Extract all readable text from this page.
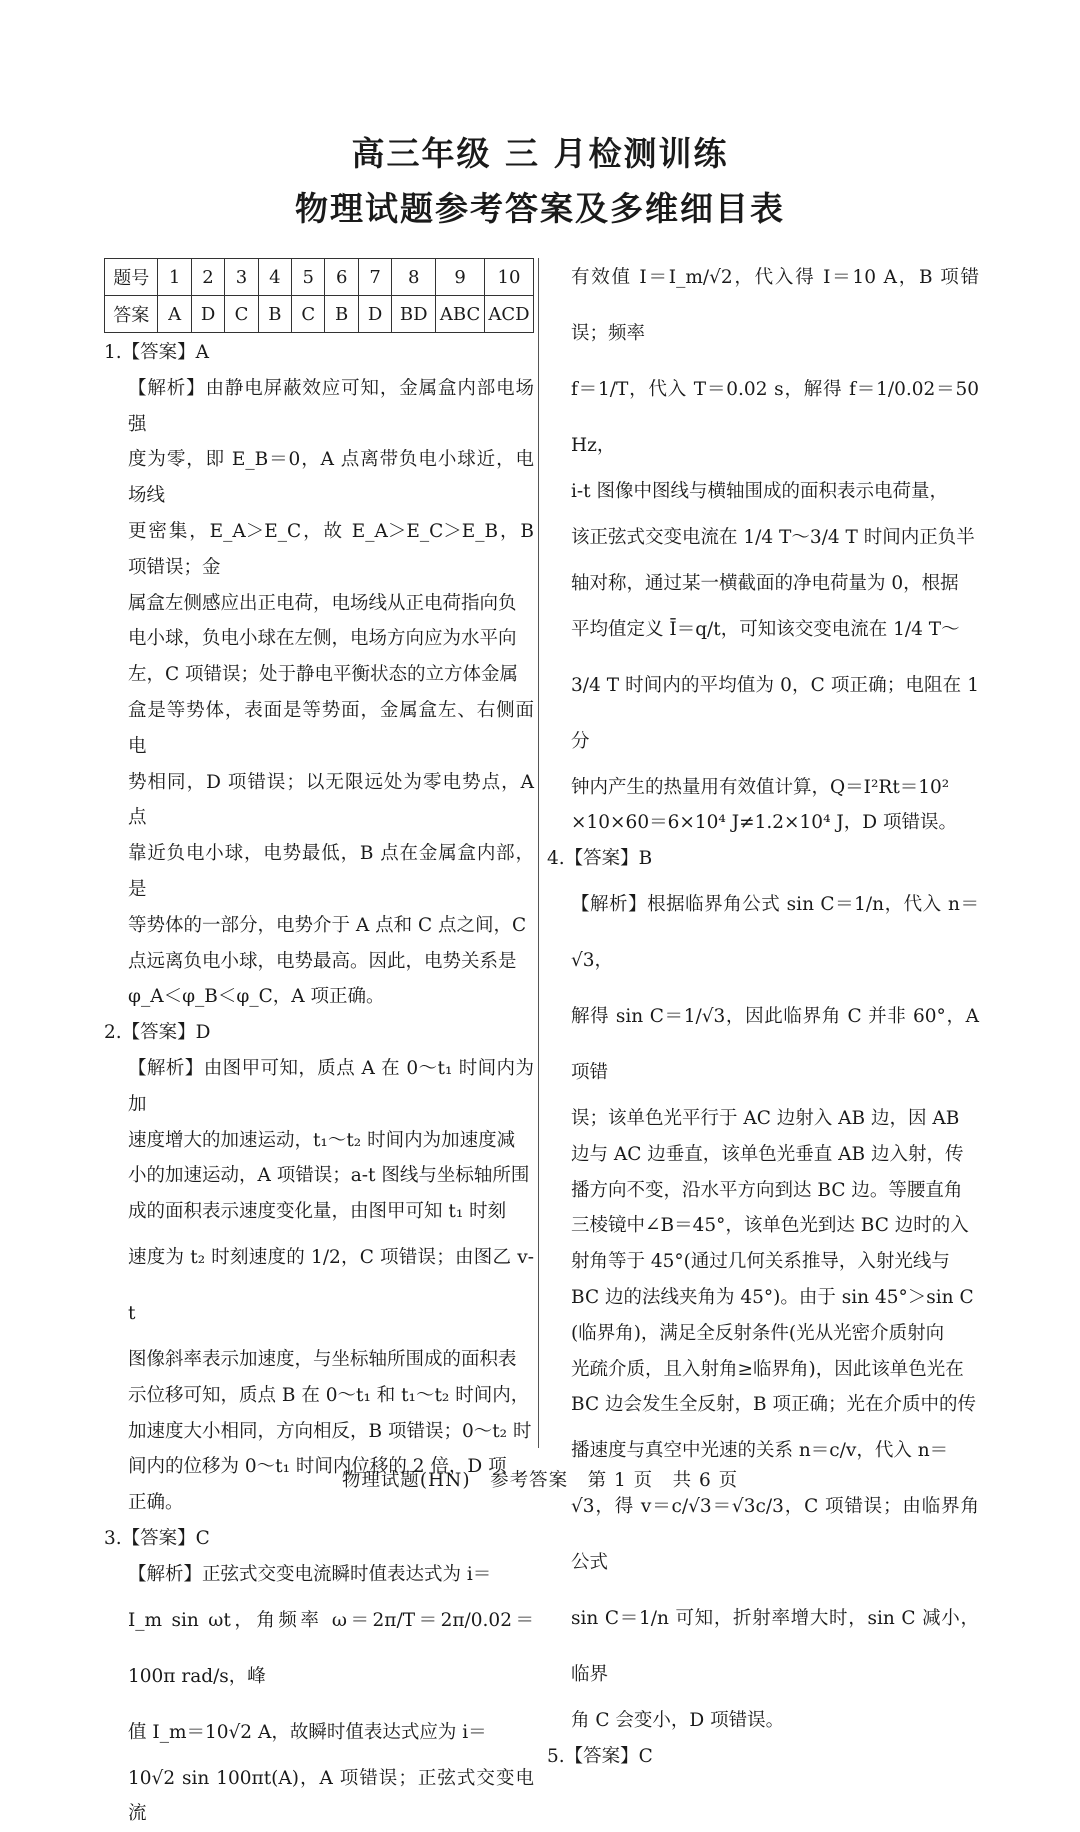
高三年级 三 月检测训练
物理试题参考答案及多维细目表
题号	1	2	3	4	5	6	7	8	9	10
答案	A	D	C	B	C	B	D	BD	ABC	ACD
1.【答案】A

【解析】由静电屏蔽效应可知，金属盒内部电场强

度为零，即 E_B＝0，A 点离带负电小球近，电场线

更密集，E_A＞E_C，故 E_A＞E_C＞E_B，B 项错误；金

属盒左侧感应出正电荷，电场线从正电荷指向负

电小球，负电小球在左侧，电场方向应为水平向

左，C 项错误；处于静电平衡状态的立方体金属

盒是等势体，表面是等势面，金属盒左、右侧面电

势相同，D 项错误；以无限远处为零电势点，A 点

靠近负电小球，电势最低，B 点在金属盒内部，是

等势体的一部分，电势介于 A 点和 C 点之间，C

点远离负电小球，电势最高。因此，电势关系是

φ_A＜φ_B＜φ_C，A 项正确。

2.【答案】D

【解析】由图甲可知，质点 A 在 0～t₁ 时间内为加

速度增大的加速运动，t₁～t₂ 时间内为加速度减

小的加速运动，A 项错误；a-t 图线与坐标轴所围

成的面积表示速度变化量，由图甲可知 t₁ 时刻

速度为 t₂ 时刻速度的 1/2，C 项错误；由图乙 v-t

图像斜率表示加速度，与坐标轴所围成的面积表

示位移可知，质点 B 在 0～t₁ 和 t₁～t₂ 时间内，

加速度大小相同，方向相反，B 项错误；0～t₂ 时

间内的位移为 0～t₁ 时间内位移的 2 倍，D 项

正确。

3.【答案】C

【解析】正弦式交变电流瞬时值表达式为 i＝

I_m sin ωt，角频率 ω＝2π/T＝2π/0.02＝100π rad/s，峰

值 I_m＝10√2 A，故瞬时值表达式应为 i＝

10√2 sin 100πt(A)，A 项错误；正弦式交变电流

有效值 I＝I_m/√2，代入得 I＝10 A，B 项错误；频率

f＝1/T，代入 T＝0.02 s，解得 f＝1/0.02＝50 Hz，

i-t 图像中图线与横轴围成的面积表示电荷量，

该正弦式交变电流在 1/4 T～3/4 T 时间内正负半

轴对称，通过某一横截面的净电荷量为 0，根据

平均值定义 Ī＝q/t，可知该交变电流在 1/4 T～

3/4 T 时间内的平均值为 0，C 项正确；电阻在 1 分

钟内产生的热量用有效值计算，Q＝I²Rt＝10²

×10×60＝6×10⁴ J≠1.2×10⁴ J，D 项错误。

4.【答案】B

【解析】根据临界角公式 sin C＝1/n，代入 n＝√3，

解得 sin C＝1/√3，因此临界角 C 并非 60°，A 项错

误；该单色光平行于 AC 边射入 AB 边，因 AB

边与 AC 边垂直，该单色光垂直 AB 边入射，传

播方向不变，沿水平方向到达 BC 边。等腰直角

三棱镜中∠B＝45°，该单色光到达 BC 边时的入

射角等于 45°(通过几何关系推导，入射光线与

BC 边的法线夹角为 45°)。由于 sin 45°＞sin C

(临界角)，满足全反射条件(光从光密介质射向

光疏介质，且入射角≥临界角)，因此该单色光在

BC 边会发生全反射，B 项正确；光在介质中的传

播速度与真空中光速的关系 n＝c/v，代入 n＝

√3，得 v＝c/√3＝√3c/3，C 项错误；由临界角公式

sin C＝1/n 可知，折射率增大时，sin C 减小，临界

角 C 会变小，D 项错误。

5.【答案】C
物理试题(HN)　参考答案　第 1 页　共 6 页
